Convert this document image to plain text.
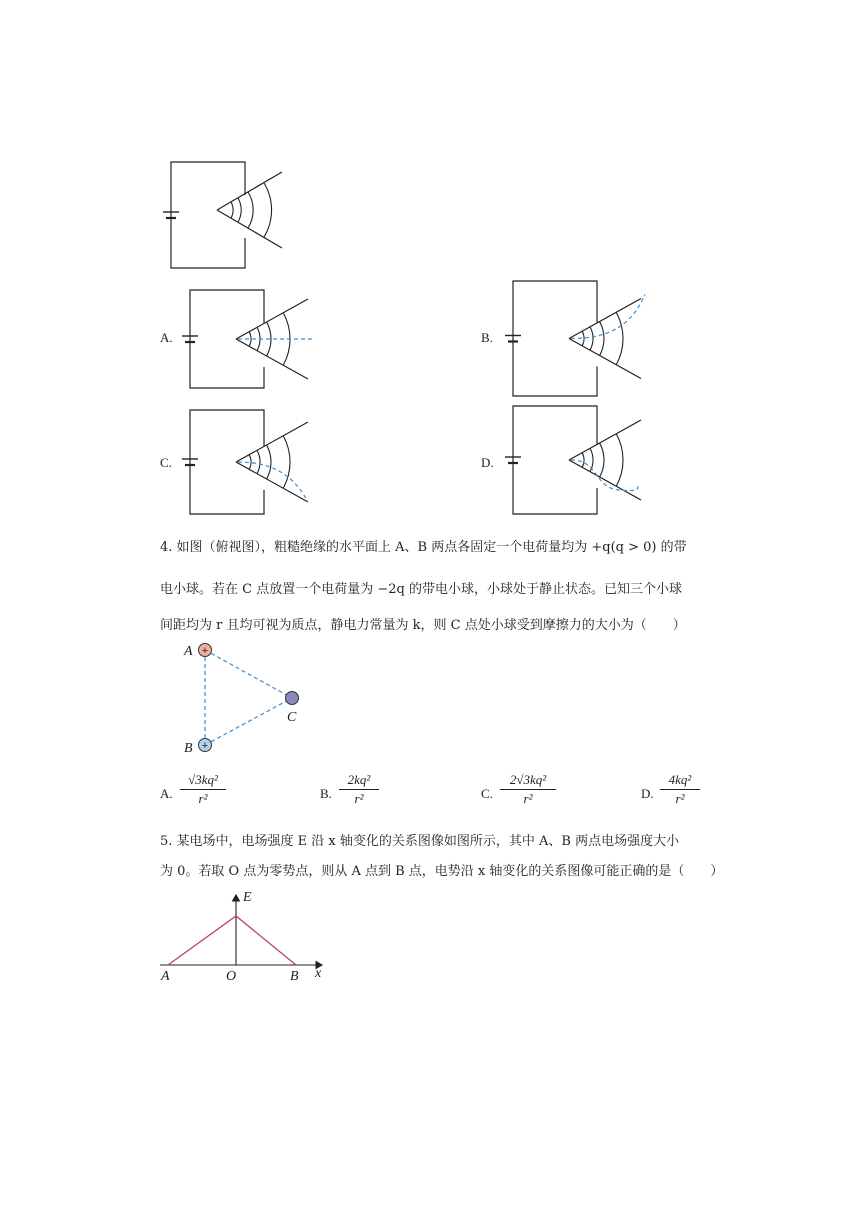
A.	B.
C.	D.
4. 如图（俯视图），粗糙绝缘的水平面上 A、B 两点各固定一个电荷量均为 +q(q > 0) 的带
电小球。若在 C 点放置一个电荷量为 −2q 的带电小球，小球处于静止状态。已知三个小球
间距均为 r 且均可视为质点，静电力常量为 k，则 C 点处小球受到摩擦力的大小为（　　）
+
+
A
B
C
A.
√3kq²
r²	B.
2kq²
r²	C.
2√3kq²
r²	D.
4kq²
r²
5. 某电场中，电场强度 E 沿 x 轴变化的关系图像如图所示，其中 A、B 两点电场强度大小
为 0。若取 O 点为零势点，则从 A 点到 B 点，电势沿 x 轴变化的关系图像可能正确的是（　　）
E
x
A	O	B
